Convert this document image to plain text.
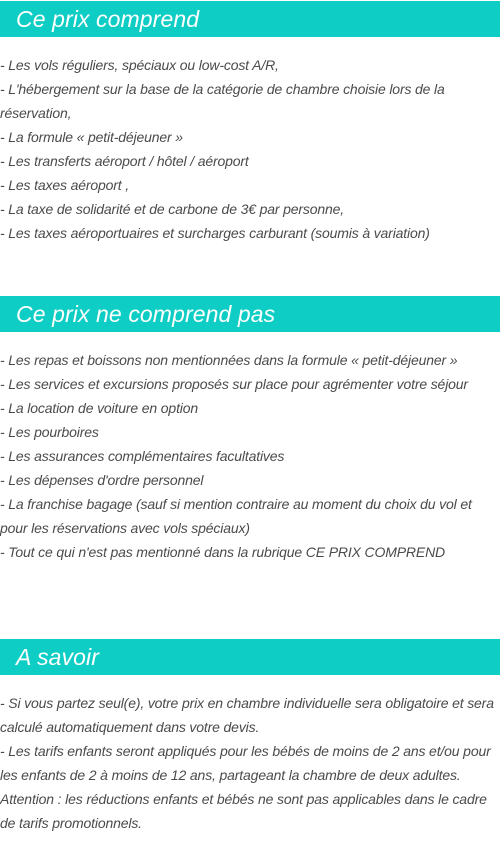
Ce prix comprend
- Les vols réguliers, spéciaux ou low-cost A/R,
- L'hébergement sur la base de la catégorie de chambre choisie lors de la réservation,
- La formule « petit-déjeuner »
- Les transferts aéroport / hôtel / aéroport
- Les taxes aéroport ,
- La taxe de solidarité et de carbone de 3€ par personne,
- Les taxes aéroportuaires et surcharges carburant (soumis à variation)
Ce prix ne comprend pas
- Les repas et boissons non mentionnées dans la formule « petit-déjeuner »
- Les services et excursions proposés sur place pour agrémenter votre séjour
- La location de voiture en option
- Les pourboires
- Les assurances complémentaires facultatives
- Les dépenses d'ordre personnel
- La franchise bagage (sauf si mention contraire au moment du choix du vol et pour les réservations avec vols spéciaux)
- Tout ce qui n'est pas mentionné dans la rubrique CE PRIX COMPREND
A savoir
- Si vous partez seul(e), votre prix en chambre individuelle sera obligatoire et sera calculé automatiquement dans votre devis.
- Les tarifs enfants seront appliqués pour les bébés de moins de 2 ans et/ou pour les enfants de 2 à moins de 12 ans, partageant la chambre de deux adultes.
Attention : les réductions enfants et bébés ne sont pas applicables dans le cadre de tarifs promotionnels.
